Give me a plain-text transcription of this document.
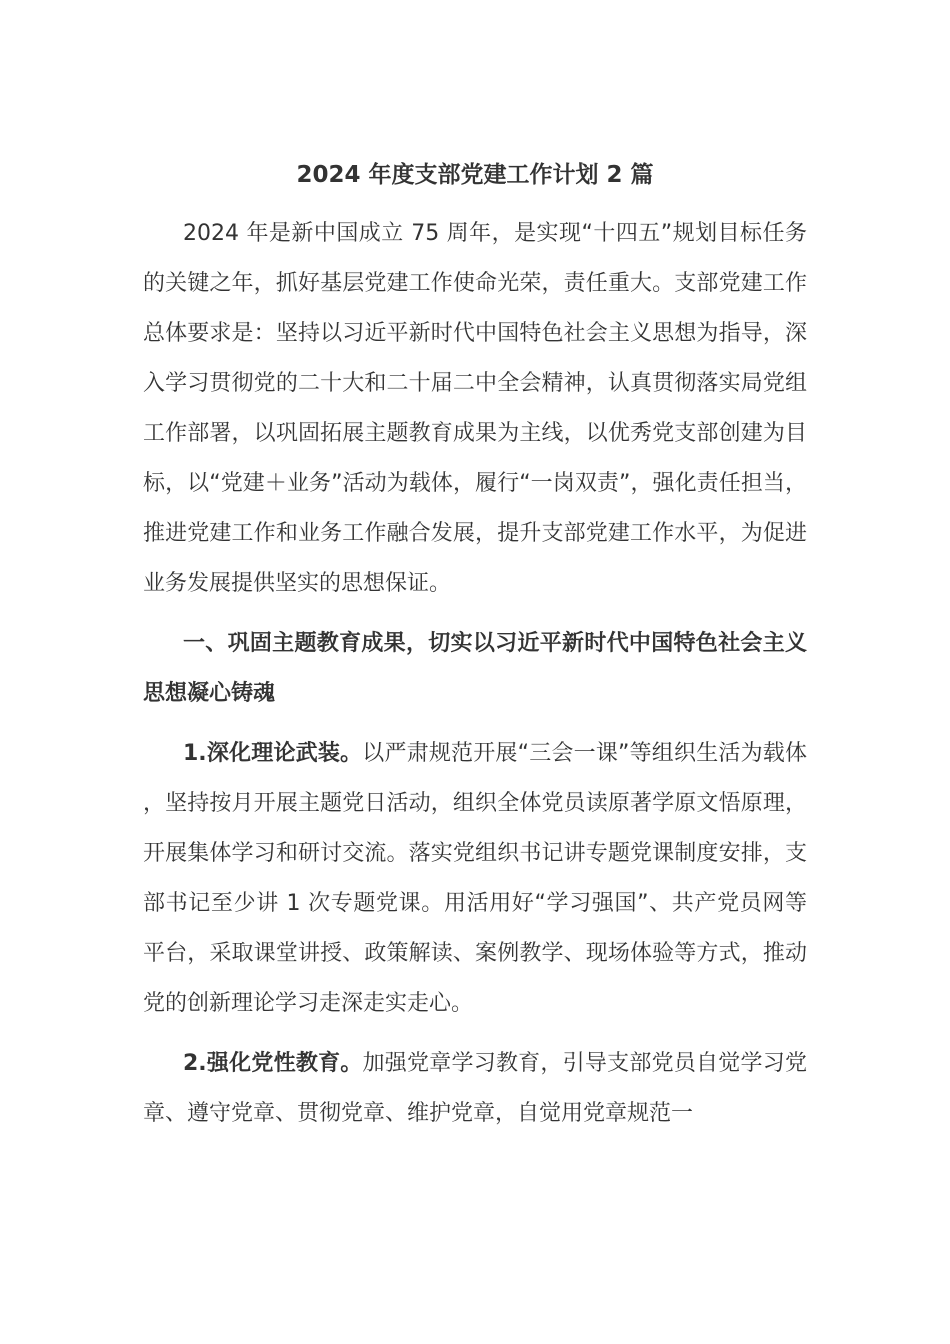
2024 年度支部党建工作计划 2 篇

2024 年是新中国成立 75 周年，是实现“十四五”规划目标任务的关键之年，抓好基层党建工作使命光荣，责任重大。支部党建工作总体要求是：坚持以习近平新时代中国特色社会主义思想为指导，深入学习贯彻党的二十大和二十届二中全会精神，认真贯彻落实局党组工作部署，以巩固拓展主题教育成果为主线，以优秀党支部创建为目标，以“党建＋业务”活动为载体，履行“一岗双责”，强化责任担当，推进党建工作和业务工作融合发展，提升支部党建工作水平，为促进业务发展提供坚实的思想保证。

一、巩固主题教育成果，切实以习近平新时代中国特色社会主义思想凝心铸魂

1.深化理论武装。以严肃规范开展“三会一课”等组织生活为载体，坚持按月开展主题党日活动，组织全体党员读原著学原文悟原理，开展集体学习和研讨交流。落实党组织书记讲专题党课制度安排，支部书记至少讲 1 次专题党课。用活用好“学习强国”、共产党员网等平台，采取课堂讲授、政策解读、案例教学、现场体验等方式，推动党的创新理论学习走深走实走心。

2.强化党性教育。加强党章学习教育，引导支部党员自觉学习党章、遵守党章、贯彻党章、维护党章，自觉用党章规范一
